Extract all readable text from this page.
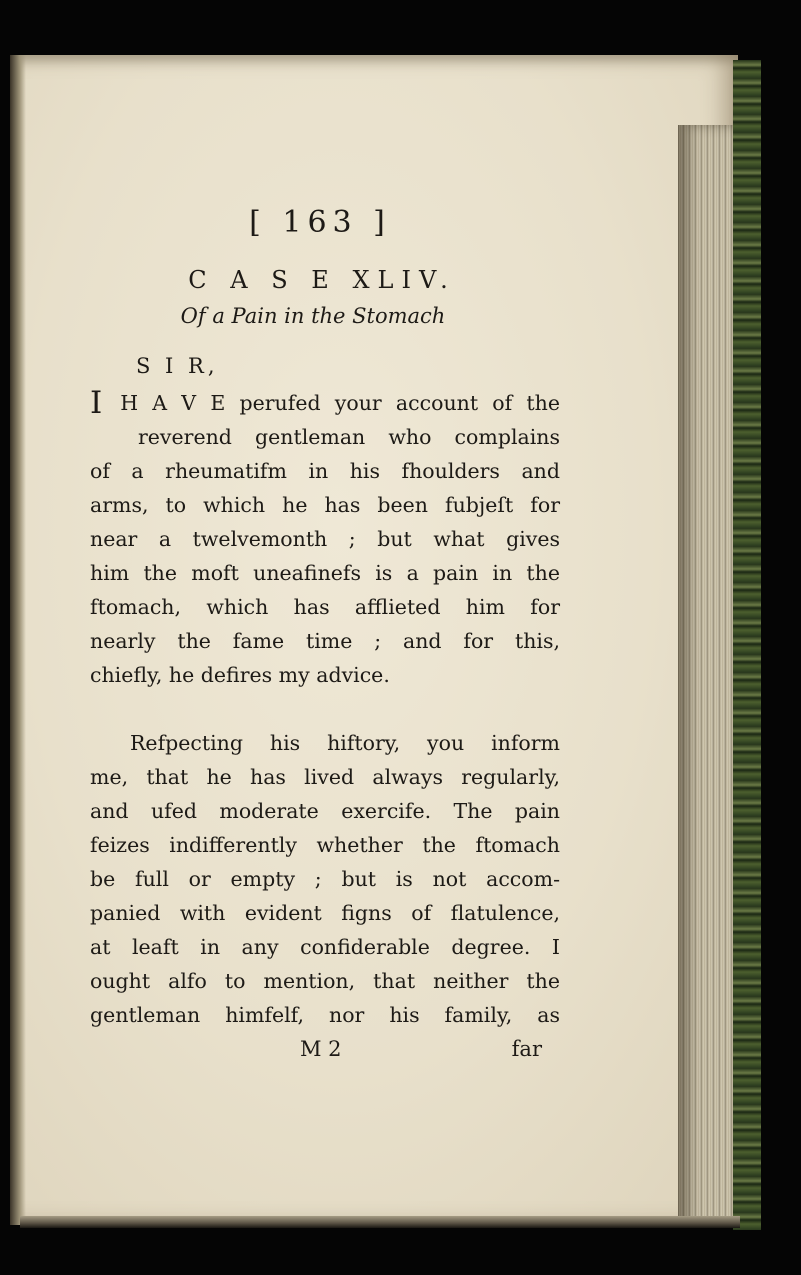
[ 163 ]
C A S E XLIV.
Of a Pain in the Stomach
S I R,
I H A V E perufed your account of the
reverend gentleman who complains
of a rheumatifm in his fhoulders and
arms, to which he has been fubjeſt for
near a twelvemonth ; but what gives
him the moft uneafinefs is a pain in the
ftomach, which has afflieted him for
nearly the fame time ; and for this,
chiefly, he defires my advice.
Refpecting his hiftory, you inform
me, that he has lived always regularly,
and ufed moderate exercife. The pain
feizes indifferently whether the ftomach
be full or empty ; but is not accom-
panied with evident figns of flatulence,
at leaft in any confiderable degree. I
ought alfo to mention, that neither the
gentleman himfelf, nor his family, as
M 2	far
